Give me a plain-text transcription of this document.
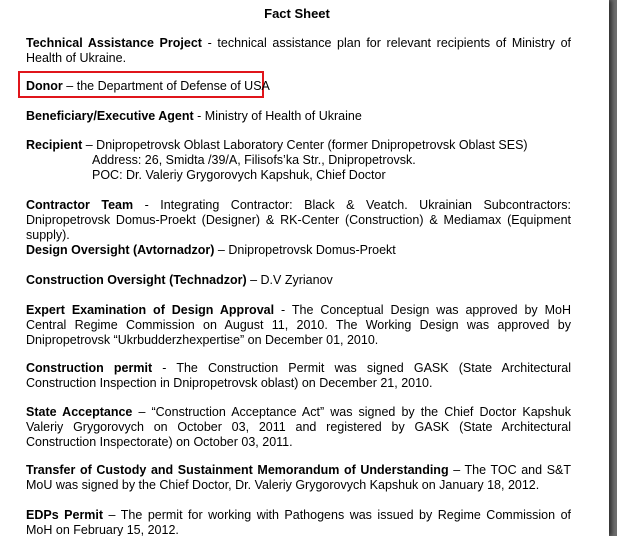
Fact Sheet
Technical Assistance Project - technical assistance plan for relevant recipients of Ministry of Health of Ukraine.
Donor – the Department of Defense of USA
Beneficiary/Executive Agent - Ministry of Health of Ukraine
Recipient – Dnipropetrovsk Oblast Laboratory Center (former Dnipropetrovsk Oblast SES)
Address: 26, Smidta /39/A, Filisofs’ka Str., Dnipropetrovsk.
POC: Dr. Valeriy Grygorovych Kapshuk, Chief Doctor
Contractor Team - Integrating Contractor: Black & Veatch. Ukrainian Subcontractors: Dnipropetrovsk Domus-Proekt (Designer) & RK-Center (Construction) & Mediamax (Equipment supply).
Design Oversight (Avtornadzor) – Dnipropetrovsk Domus-Proekt
Construction Oversight (Technadzor) – D.V Zyrianov
Expert Examination of Design Approval - The Conceptual Design was approved by MoH Central Regime Commission on August 11, 2010. The Working Design was approved by Dnipropetrovsk “Ukrbudderzhexpertise” on December 01, 2010.
Construction permit - The Construction Permit was signed GASK (State Architectural Construction Inspection in Dnipropetrovsk oblast) on December 21, 2010.
State Acceptance – “Construction Acceptance Act” was signed by the Chief Doctor Kapshuk Valeriy Grygorovych on October 03, 2011 and registered by GASK (State Architectural Construction Inspectorate) on October 03, 2011.
Transfer of Custody and Sustainment Memorandum of Understanding – The TOC and S&T MoU was signed by the Chief Doctor, Dr. Valeriy Grygorovych Kapshuk on January 18, 2012.
EDPs Permit – The permit for working with Pathogens was issued by Regime Commission of MoH on February 15, 2012.
